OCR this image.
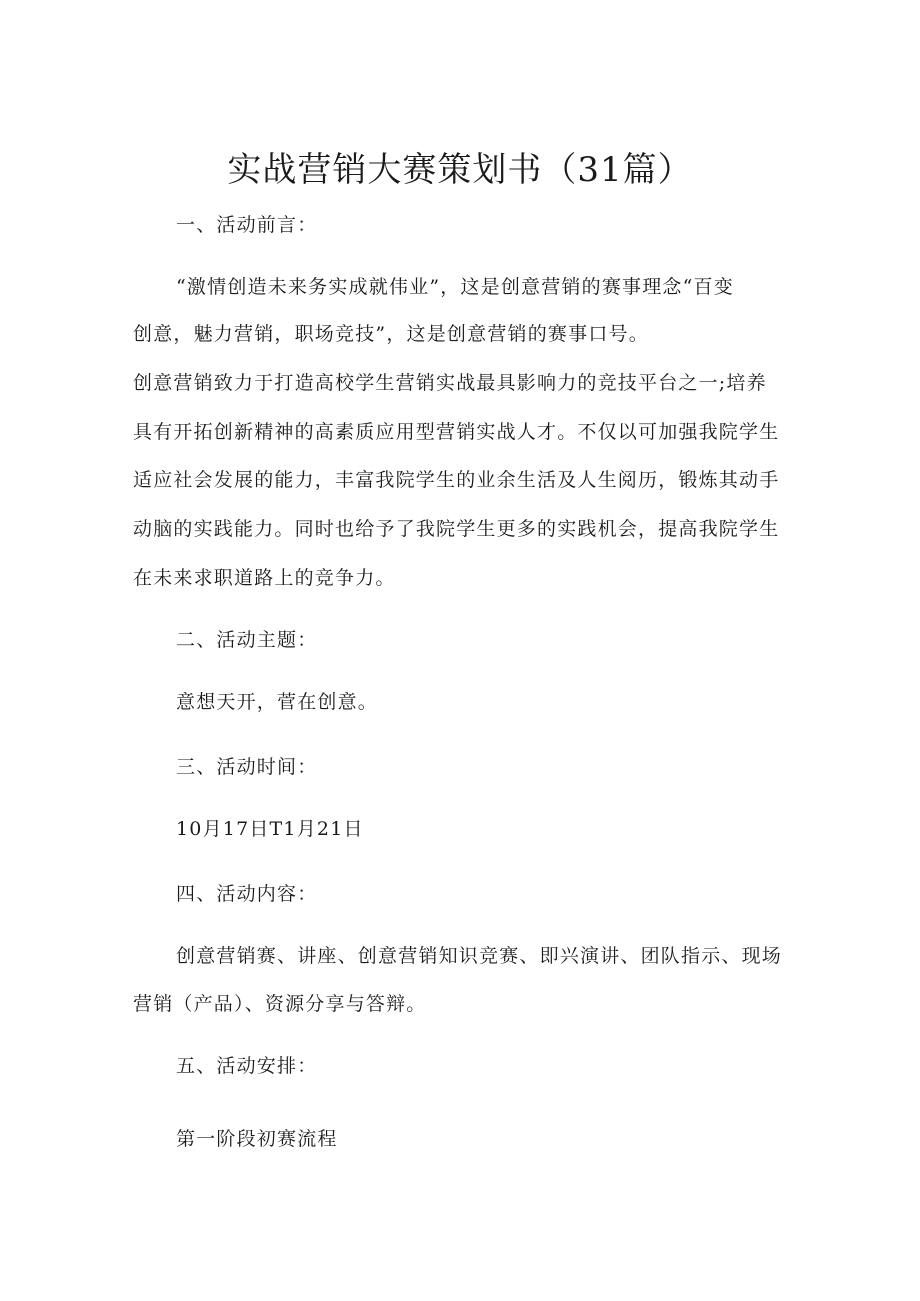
实战营销大赛策划书（31篇）
一、活动前言：
“激情创造未来务实成就伟业”，这是创意营销的赛事理念“百变
创意，魅力营销，职场竞技”，这是创意营销的赛事口号。
创意营销致力于打造高校学生营销实战最具影响力的竞技平台之一;培养
具有开拓创新精神的高素质应用型营销实战人才。不仅以可加强我院学生
适应社会发展的能力，丰富我院学生的业余生活及人生阅历，锻炼其动手
动脑的实践能力。同时也给予了我院学生更多的实践机会，提高我院学生
在未来求职道路上的竞争力。
二、活动主题：
意想天开，菅在创意。
三、活动时间：
10月17日T1月21日
四、活动内容：
创意营销赛、讲座、创意营销知识竞赛、即兴演讲、团队指示、现场
营销（产品）、资源分享与答辩。
五、活动安排：
第一阶段初赛流程
